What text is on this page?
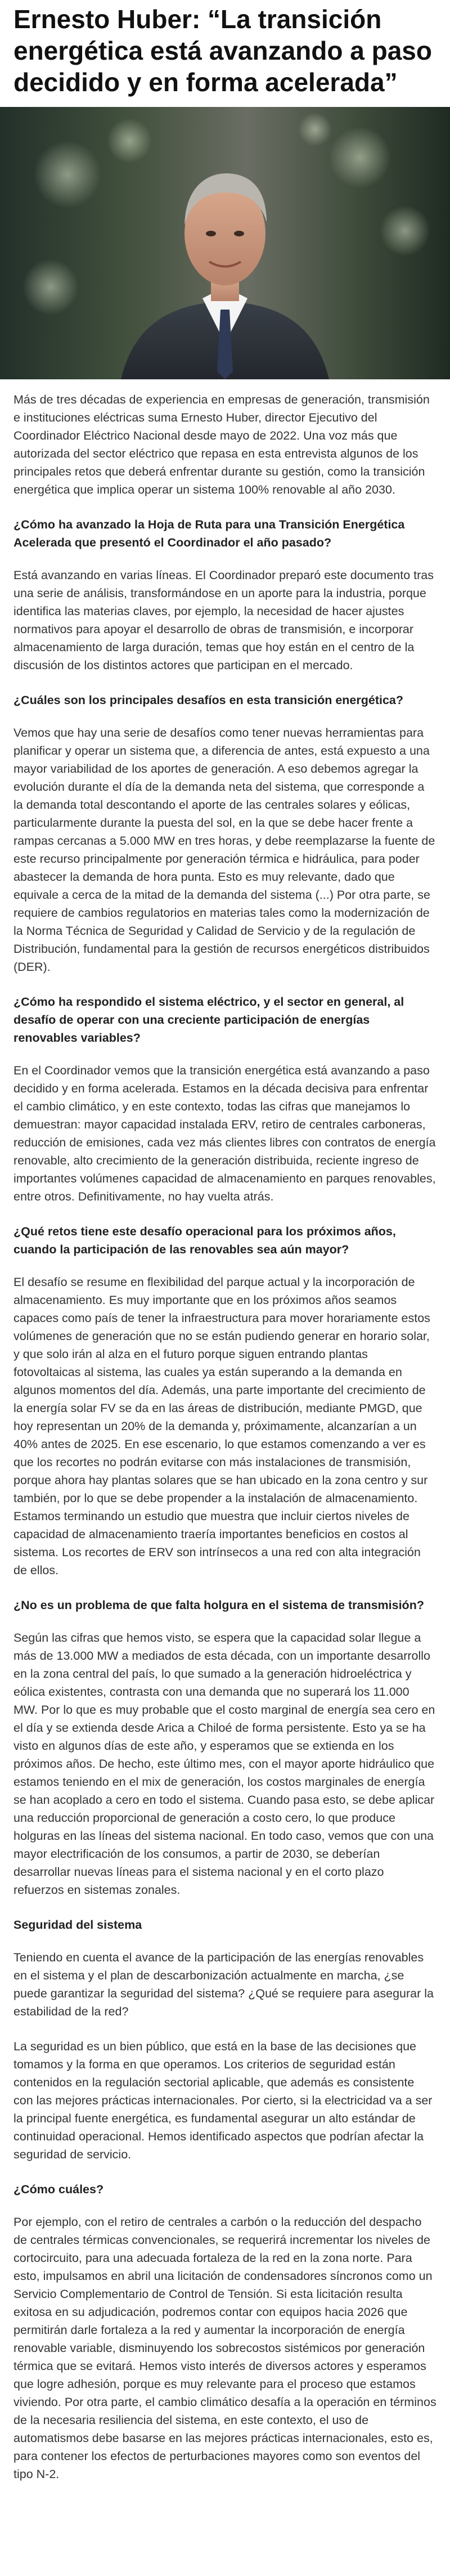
Ernesto Huber: “La transición energética está avanzando a paso decidido y en forma acelerada”

Más de tres décadas de experiencia en empresas de generación, transmisión e instituciones eléctricas suma Ernesto Huber, director Ejecutivo del Coordinador Eléctrico Nacional desde mayo de 2022. Una voz más que autorizada del sector eléctrico que repasa en esta entrevista algunos de los principales retos que deberá enfrentar durante su gestión, como la transición energética que implica operar un sistema 100% renovable al año 2030.

¿Cómo ha avanzado la Hoja de Ruta para una Transición Energética Acelerada que presentó el Coordinador el año pasado?

Está avanzando en varias líneas. El Coordinador preparó este documento tras una serie de análisis, transformándose en un aporte para la industria, porque identifica las materias claves, por ejemplo, la necesidad de hacer ajustes normativos para apoyar el desarrollo de obras de transmisión, e incorporar almacenamiento de larga duración, temas que hoy están en el centro de la discusión de los distintos actores que participan en el mercado.

¿Cuáles son los principales desafíos en esta transición energética?

Vemos que hay una serie de desafíos como tener nuevas herramientas para planificar y operar un sistema que, a diferencia de antes, está expuesto a una mayor variabilidad de los aportes de generación. A eso debemos agregar la evolución durante el día de la demanda neta del sistema, que corresponde a la demanda total descontando el aporte de las centrales solares y eólicas, particularmente durante la puesta del sol, en la que se debe hacer frente a rampas cercanas a 5.000 MW en tres horas, y debe reemplazarse la fuente de este recurso principalmente por generación térmica e hidráulica, para poder abastecer la demanda de hora punta. Esto es muy relevante, dado que equivale a cerca de la mitad de la demanda del sistema (...) Por otra parte, se requiere de cambios regulatorios en materias tales como la modernización de la Norma Técnica de Seguridad y Calidad de Servicio y de la regulación de Distribución, fundamental para la gestión de recursos energéticos distribuidos (DER).

¿Cómo ha respondido el sistema eléctrico, y el sector en general, al desafío de operar con una creciente participación de energías renovables variables?

En el Coordinador vemos que la transición energética está avanzando a paso decidido y en forma acelerada. Estamos en la década decisiva para enfrentar el cambio climático, y en este contexto, todas las cifras que manejamos lo demuestran: mayor capacidad instalada ERV, retiro de centrales carboneras, reducción de emisiones, cada vez más clientes libres con contratos de energía renovable, alto crecimiento de la generación distribuida, reciente ingreso de importantes volúmenes capacidad de almacenamiento en parques renovables, entre otros. Definitivamente, no hay vuelta atrás.

¿Qué retos tiene este desafío operacional para los próximos años, cuando la participación de las renovables sea aún mayor?

El desafío se resume en flexibilidad del parque actual y la incorporación de almacenamiento. Es muy importante que en los próximos años seamos capaces como país de tener la infraestructura para mover horariamente estos volúmenes de generación que no se están pudiendo generar en horario solar, y que solo irán al alza en el futuro porque siguen entrando plantas fotovoltaicas al sistema, las cuales ya están superando a la demanda en algunos momentos del día. Además, una parte importante del crecimiento de la energía solar FV se da en las áreas de distribución, mediante PMGD, que hoy representan un 20% de la demanda y, próximamente, alcanzarían a un 40% antes de 2025. En ese escenario, lo que estamos comenzando a ver es que los recortes no podrán evitarse con más instalaciones de transmisión, porque ahora hay plantas solares que se han ubicado en la zona centro y sur también, por lo que se debe propender a la instalación de almacenamiento. Estamos terminando un estudio que muestra que incluir ciertos niveles de capacidad de almacenamiento traería importantes beneficios en costos al sistema. Los recortes de ERV son intrínsecos a una red con alta integración de ellos.

¿No es un problema de que falta holgura en el sistema de transmisión?

Según las cifras que hemos visto, se espera que la capacidad solar llegue a más de 13.000 MW a mediados de esta década, con un importante desarrollo en la zona central del país, lo que sumado a la generación hidroeléctrica y eólica existentes, contrasta con una demanda que no superará los 11.000 MW. Por lo que es muy probable que el costo marginal de energía sea cero en el día y se extienda desde Arica a Chiloé de forma persistente. Esto ya se ha visto en algunos días de este año, y esperamos que se extienda en los próximos años. De hecho, este último mes, con el mayor aporte hidráulico que estamos teniendo en el mix de generación, los costos marginales de energía se han acoplado a cero en todo el sistema. Cuando pasa esto, se debe aplicar una reducción proporcional de generación a costo cero, lo que produce holguras en las líneas del sistema nacional. En todo caso, vemos que con una mayor electrificación de los consumos, a partir de 2030, se deberían desarrollar nuevas líneas para el sistema nacional y en el corto plazo refuerzos en sistemas zonales.

Seguridad del sistema

Teniendo en cuenta el avance de la participación de las energías renovables en el sistema y el plan de descarbonización actualmente en marcha, ¿se puede garantizar la seguridad del sistema? ¿Qué se requiere para asegurar la estabilidad de la red?

La seguridad es un bien público, que está en la base de las decisiones que tomamos y la forma en que operamos. Los criterios de seguridad están contenidos en la regulación sectorial aplicable, que además es consistente con las mejores prácticas internacionales. Por cierto, si la electricidad va a ser la principal fuente energética, es fundamental asegurar un alto estándar de continuidad operacional. Hemos identificado aspectos que podrían afectar la seguridad de servicio.

¿Cómo cuáles?

Por ejemplo, con el retiro de centrales a carbón o la reducción del despacho de centrales térmicas convencionales, se requerirá incrementar los niveles de cortocircuito, para una adecuada fortaleza de la red en la zona norte. Para esto, impulsamos en abril una licitación de condensadores síncronos como un Servicio Complementario de Control de Tensión. Si esta licitación resulta exitosa en su adjudicación, podremos contar con equipos hacia 2026 que permitirán darle fortaleza a la red y aumentar la incorporación de energía renovable variable, disminuyendo los sobrecostos sistémicos por generación térmica que se evitará. Hemos visto interés de diversos actores y esperamos que logre adhesión, porque es muy relevante para el proceso que estamos viviendo. Por otra parte, el cambio climático desafía a la operación en términos de la necesaria resiliencia del sistema, en este contexto, el uso de automatismos debe basarse en las mejores prácticas internacionales, esto es, para contener los efectos de perturbaciones mayores como son eventos del tipo N-2.
